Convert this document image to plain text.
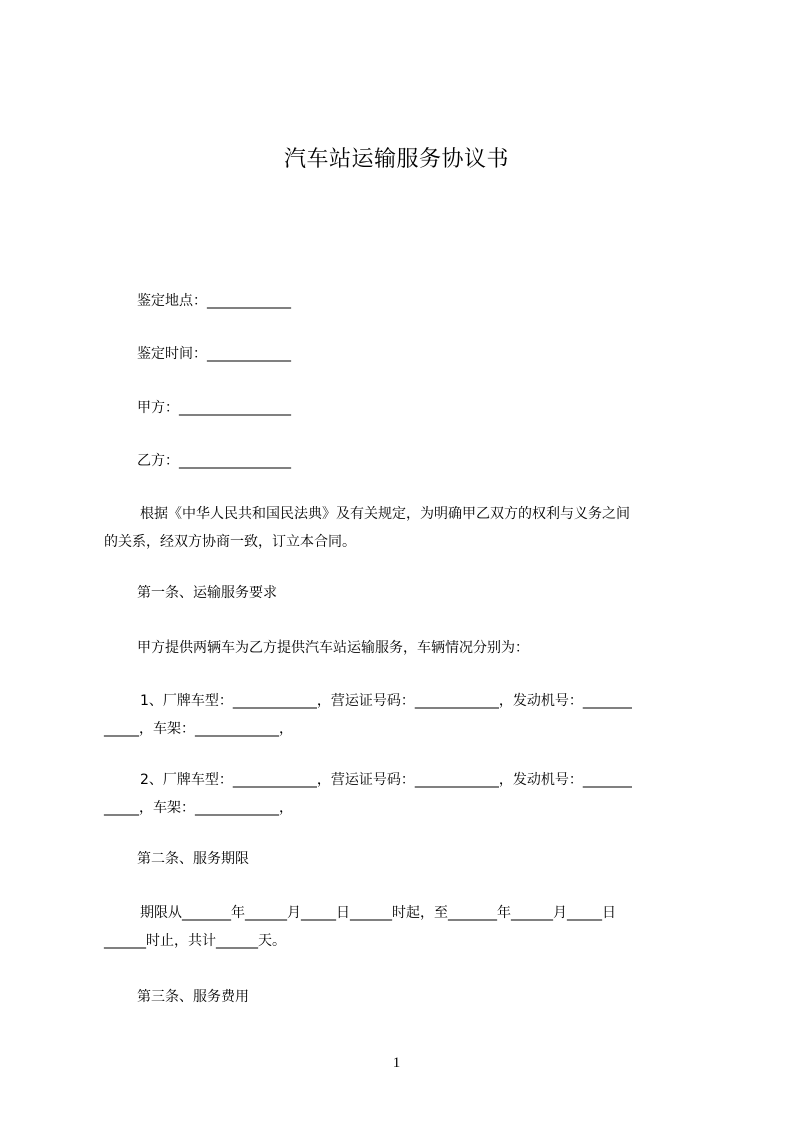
汽车站运输服务协议书
鉴定地点：____________
鉴定时间：____________
甲方：________________
乙方：________________
根据《中华人民共和国民法典》及有关规定，为明确甲乙双方的权利与义务之间
的关系，经双方协商一致，订立本合同。
第一条、运输服务要求
甲方提供两辆车为乙方提供汽车站运输服务，车辆情况分别为：
1、厂牌车型：____________，营运证号码：____________，发动机号：_______
_____，车架：____________，
2、厂牌车型：____________，营运证号码：____________，发动机号：_______
_____，车架：____________，
第二条、服务期限
期限从_______年______月_____日______时起，至_______年______月_____日
______时止，共计______天。
第三条、服务费用
1
